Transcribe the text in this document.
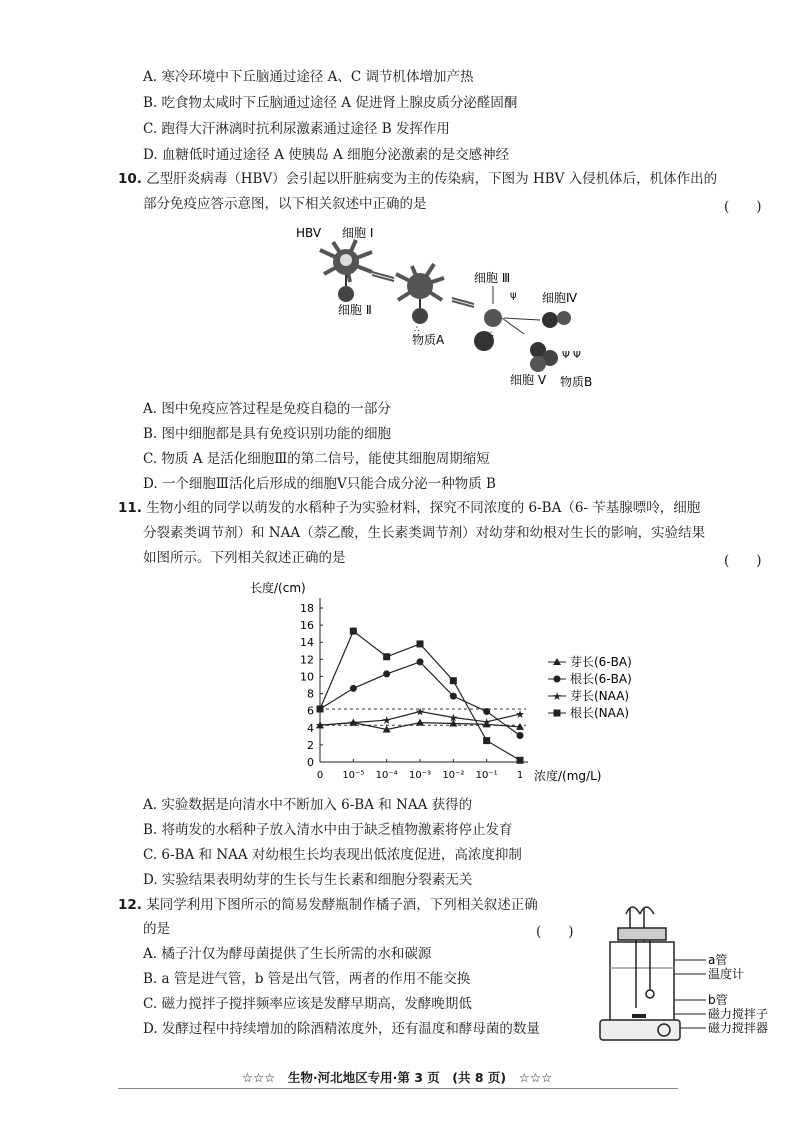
A. 寒冷环境中下丘脑通过途径 A、C 调节机体增加产热
B. 吃食物太咸时下丘脑通过途径 A 促进肾上腺皮质分泌醛固酮
C. 跑得大汗淋漓时抗利尿激素通过途径 B 发挥作用
D. 血糖低时通过途径 A 使胰岛 A 细胞分泌激素的是交感神经
10. 乙型肝炎病毒（HBV）会引起以肝脏病变为主的传染病，下图为 HBV 入侵机体后，机体作出的
部分免疫应答示意图，以下相关叙述中正确的是	(　　)
HBV 细胞 Ⅰ
细胞 Ⅱ
∴
物质A
细胞 Ⅲ
∴
ψ 细胞Ⅳ
Ψ Ψ
细胞 Ⅴ 物质B
A. 图中免疫应答过程是免疫自稳的一部分
B. 图中细胞都是具有免疫识别功能的细胞
C. 物质 A 是活化细胞Ⅲ的第二信号，能使其细胞周期缩短
D. 一个细胞Ⅲ活化后形成的细胞Ⅴ只能合成分泌一种物质 B
11. 生物小组的同学以萌发的水稻种子为实验材料，探究不同浓度的 6-BA（6- 苄基腺嘌呤，细胞
分裂素类调节剂）和 NAA（萘乙酸，生长素类调节剂）对幼芽和幼根对生长的影响，实验结果
如图所示。下列相关叙述正确的是	(　　)
长度/(cm)
浓度/(mg/L)
0
2
4
6
8
10
12
14
16
18
0 10⁻⁵ 10⁻⁴ 10⁻³ 10⁻² 10⁻¹ 1
★ ★ ★
★ ★ ★
★
芽长(6-BA)
根长(6-BA)
★ 芽长(NAA)
根长(NAA)
A. 实验数据是向清水中不断加入 6-BA 和 NAA 获得的
B. 将萌发的水稻种子放入清水中由于缺乏植物激素将停止发育
C. 6-BA 和 NAA 对幼根生长均表现出低浓度促进，高浓度抑制
D. 实验结果表明幼芽的生长与生长素和细胞分裂素无关
12. 某同学利用下图所示的简易发酵瓶制作橘子酒，下列相关叙述正确
的是	(　　)
A. 橘子汁仅为酵母菌提供了生长所需的水和碳源
B. a 管是进气管，b 管是出气管，两者的作用不能交换
C. 磁力搅拌子搅拌频率应该是发酵早期高，发酵晚期低
D. 发酵过程中持续增加的除酒精浓度外，还有温度和酵母菌的数量
a管
温度计
b管
磁力搅拌子
磁力搅拌器
☆☆☆　生物·河北地区专用·第 3 页　(共 8 页)　☆☆☆
